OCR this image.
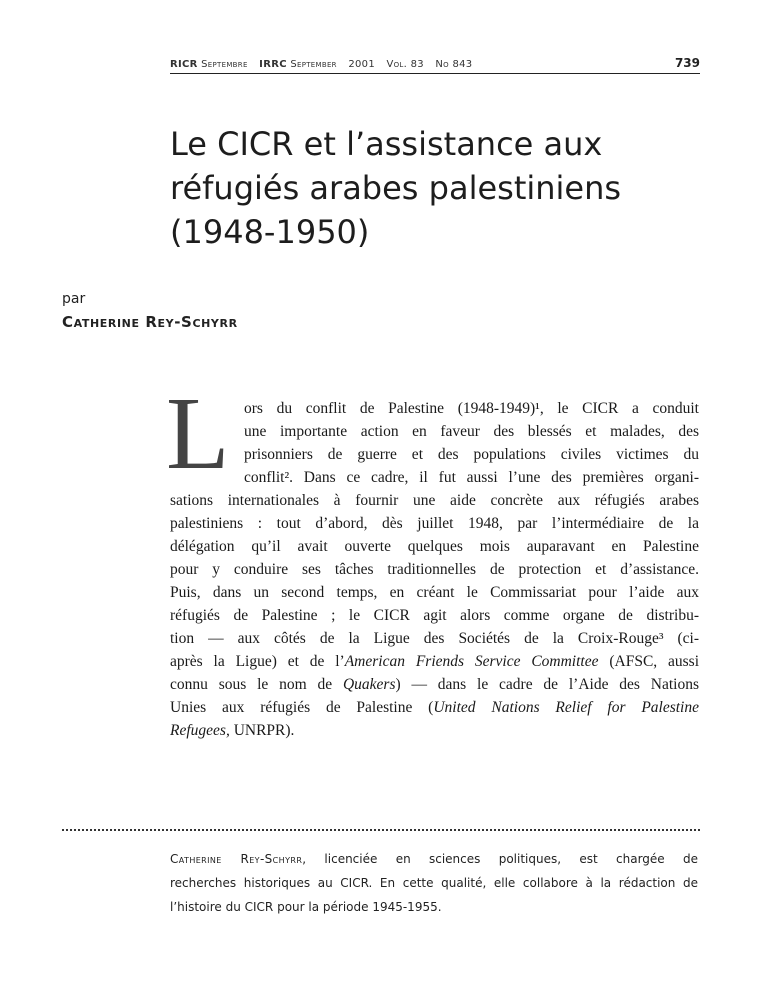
RICR Septembre IRRC September 2001 Vol. 83 No 843	739
Le CICR et l’assistance aux
réfugiés arabes palestiniens
(1948-1950)
par
Catherine Rey-Schyrr
L ors du conflit de Palestine (1948-1949)¹, le CICR a conduit
une importante action en faveur des blessés et malades, des
prisonniers de guerre et des populations civiles victimes du
conflit². Dans ce cadre, il fut aussi l’une des premières organi-
sations internationales à fournir une aide concrète aux réfugiés arabes
palestiniens : tout d’abord, dès juillet 1948, par l’intermédiaire de la
délégation qu’il avait ouverte quelques mois auparavant en Palestine
pour y conduire ses tâches traditionnelles de protection et d’assistance.
Puis, dans un second temps, en créant le Commissariat pour l’aide aux
réfugiés de Palestine ; le CICR agit alors comme organe de distribu-
tion — aux côtés de la Ligue des Sociétés de la Croix-Rouge³ (ci-
après la Ligue) et de l’American Friends Service Committee (AFSC, aussi
connu sous le nom de Quakers) — dans le cadre de l’Aide des Nations
Unies aux réfugiés de Palestine (United Nations Relief for Palestine
Refugees, UNRPR).
Catherine Rey-Schyrr, licenciée en sciences politiques, est chargée de
recherches historiques au CICR. En cette qualité, elle collabore à la rédaction de
l’histoire du CICR pour la période 1945-1955.
